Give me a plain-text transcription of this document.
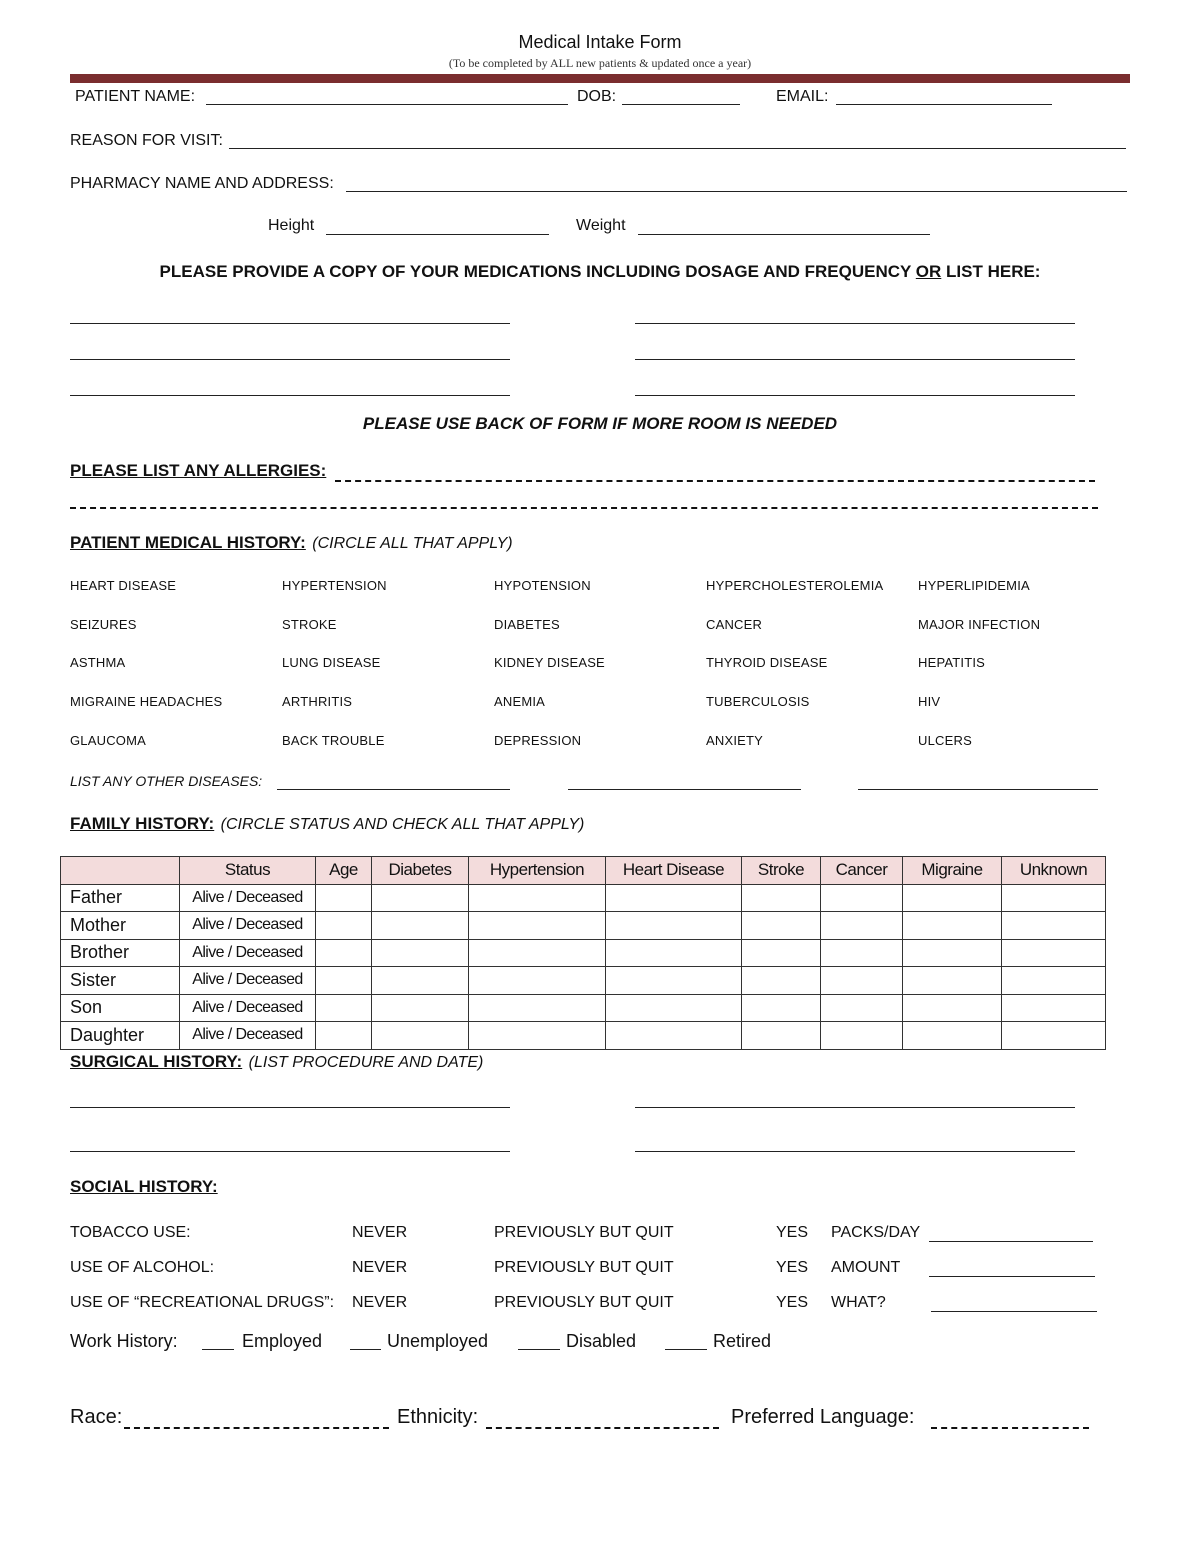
Medical Intake Form
(To be completed by ALL new patients & updated once a year)
PATIENT NAME:	DOB:	EMAIL:
REASON FOR VISIT:
PHARMACY NAME AND ADDRESS:
Height	Weight
PLEASE PROVIDE A COPY OF YOUR MEDICATIONS INCLUDING DOSAGE AND FREQUENCY OR LIST HERE:
PLEASE USE BACK OF FORM IF MORE ROOM IS NEEDED
PLEASE LIST ANY ALLERGIES:
PATIENT MEDICAL HISTORY: (CIRCLE ALL THAT APPLY)
HEART DISEASE	HYPERTENSION	HYPOTENSION	HYPERCHOLESTEROLEMIA	HYPERLIPIDEMIA
SEIZURES	STROKE	DIABETES	CANCER	MAJOR INFECTION
ASTHMA	LUNG DISEASE	KIDNEY DISEASE	THYROID DISEASE	HEPATITIS
MIGRAINE HEADACHES	ARTHRITIS	ANEMIA	TUBERCULOSIS	HIV
GLAUCOMA	BACK TROUBLE	DEPRESSION	ANXIETY	ULCERS
LIST ANY OTHER DISEASES:
FAMILY HISTORY: (CIRCLE STATUS AND CHECK ALL THAT APPLY)
	Status	Age	Diabetes	Hypertension	Heart Disease	Stroke	Cancer	Migraine	Unknown
Father	Alive / Deceased								
Mother	Alive / Deceased								
Brother	Alive / Deceased								
Sister	Alive / Deceased								
Son	Alive / Deceased								
Daughter	Alive / Deceased								
SURGICAL HISTORY: (LIST PROCEDURE AND DATE)
SOCIAL HISTORY:
TOBACCO USE:	NEVER	PREVIOUSLY BUT QUIT	YES PACKS/DAY
USE OF ALCOHOL:	NEVER	PREVIOUSLY BUT QUIT	YES AMOUNT
USE OF “RECREATIONAL DRUGS”: NEVER	PREVIOUSLY BUT QUIT	YES WHAT?
Work History:	Employed	Unemployed	Disabled	Retired
Race:	Ethnicity:	Preferred Language:
